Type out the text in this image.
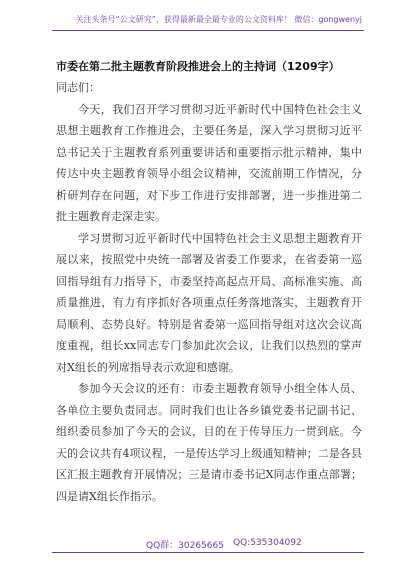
关注头条号“公文研究”，获得最新最全最专业的公文资料库！ 微信：gongwenyj

市委在第二批主题教育阶段推进会上的主持词（1209字）

同志们：

今天，我们召开学习贯彻习近平新时代中国特色社会主义思想主题教育工作推进会，主要任务是，深入学习贯彻习近平总书记关于主题教育系列重要讲话和重要指示批示精神，集中传达中央主题教育领导小组会议精神，交流前期工作情况，分析研判存在问题，对下步工作进行安排部署，进一步推进第二批主题教育走深走实。

学习贯彻习近平新时代中国特色社会主义思想主题教育开展以来，按照党中央统一部署及省委工作要求，在省委第一巡回指导组有力指导下，市委坚持高起点开局、高标准实施、高质量推进，有力有序抓好各项重点任务落地落实，主题教育开局顺利、态势良好。特别是省委第一巡回指导组对这次会议高度重视，组长xx同志专门参加此次会议，让我们以热烈的掌声对X组长的列席指导表示欢迎和感谢。

参加今天会议的还有：市委主题教育领导小组全体人员、各单位主要负责同志。同时我们也让各乡镇党委书记副书记、组织委员参加了今天的会议，目的在于传导压力一贯到底。今天的会议共有4项议程，一是传达学习上级通知精神；二是各县区汇报主题教育开展情况；三是请市委书记X同志作重点部署；四是请X组长作指示。

QQ群：30265665 QQ:535304092
